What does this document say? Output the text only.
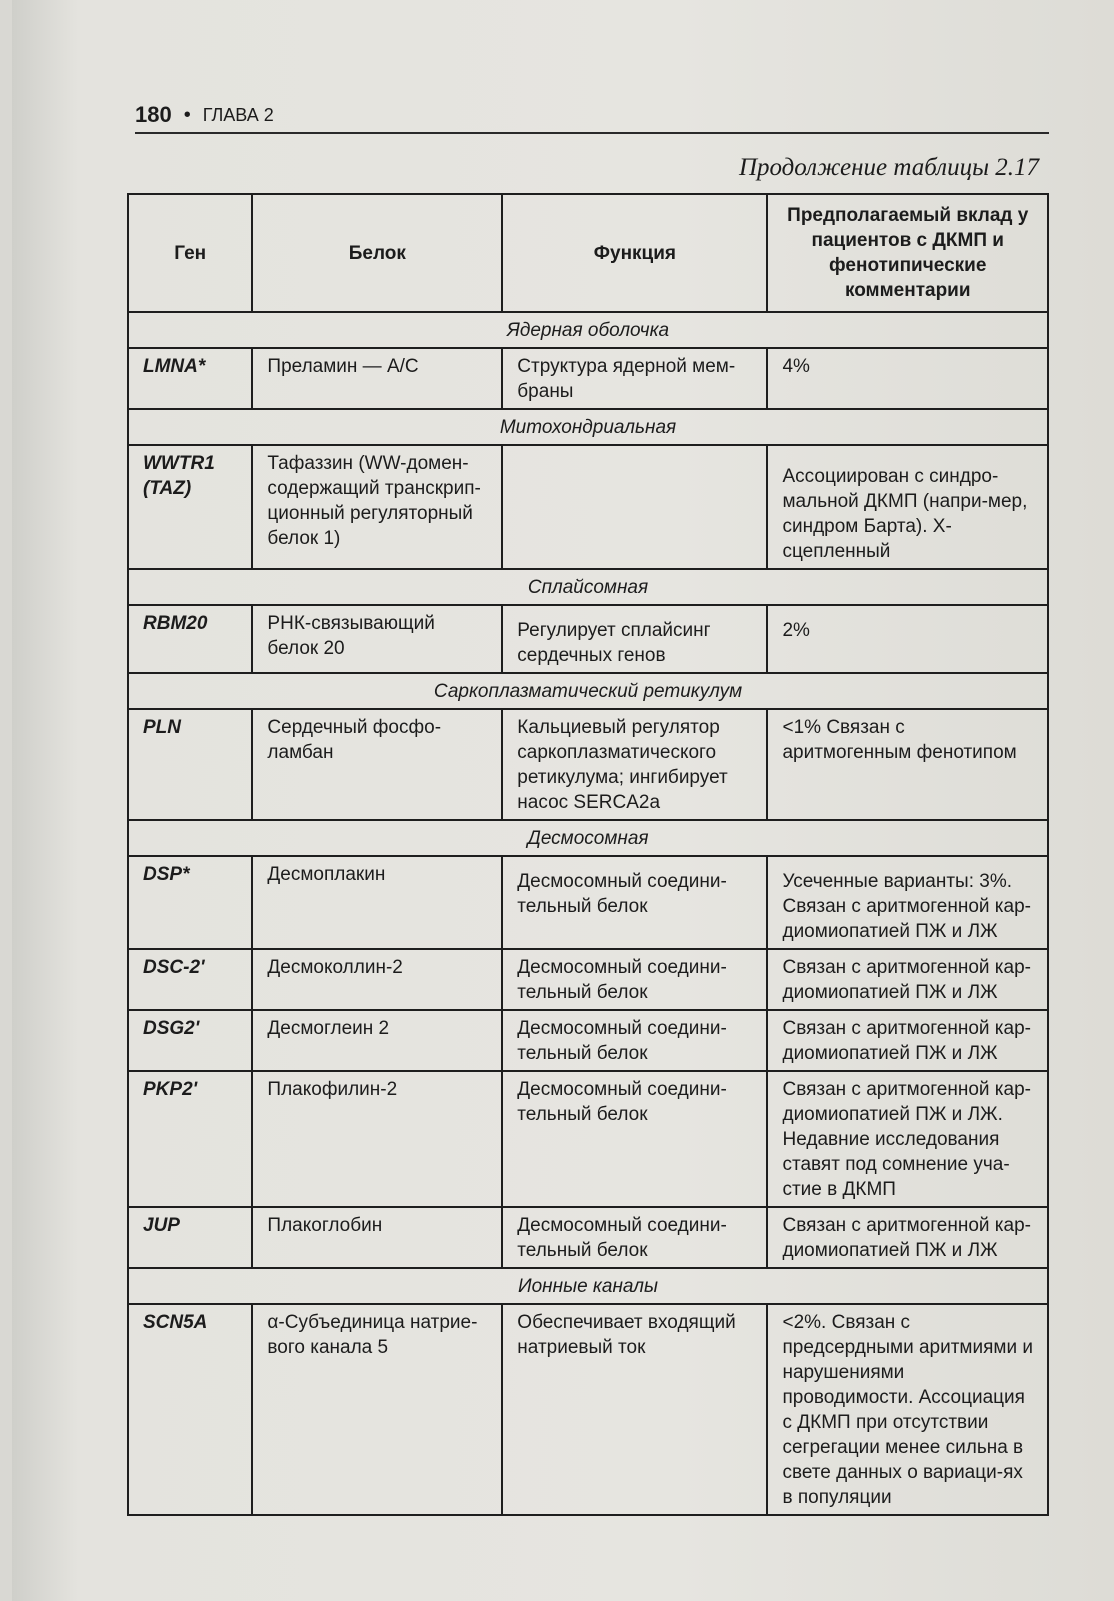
180 • ГЛАВА 2
Продолжение таблицы 2.17
Ген	Белок	Функция	Предполагаемый вклад у пациентов с ДКМП и фенотипические комментарии
Ядерная оболочка			
LMNA*	Преламин — A/C	Структура ядерной мем-браны	4%
Митохондриальная			
WWTR1 (TAZ)	Тафаззин (WW-домен-содержащий транскрип-ционный регуляторный белок 1)		Ассоциирован с синдро-мальной ДКМП (напри-мер, синдром Барта). Х-сцепленный
Сплайсомная			
RBM20	РНК-связывающий белок 20	Регулирует сплайсинг сердечных генов	2%
Саркоплазматический ретикулум			
PLN	Сердечный фосфо-ламбан	Кальциевый регулятор саркоплазматического ретикулума; ингибирует насос SERCA2a	<1% Связан с аритмогенным фенотипом
Десмосомная			
DSP*	Десмоплакин	Десмосомный соедини-тельный белок	Усеченные варианты: 3%. Связан с аритмогенной кар-диомиопатией ПЖ и ЛЖ
DSC-2ʹ	Десмоколлин-2	Десмосомный соедини-тельный белок	Связан с аритмогенной кар-диомиопатией ПЖ и ЛЖ
DSG2ʹ	Десмоглеин 2	Десмосомный соедини-тельный белок	Связан с аритмогенной кар-диомиопатией ПЖ и ЛЖ
PKP2ʹ	Плакофилин-2	Десмосомный соедини-тельный белок	Связан с аритмогенной кар-диомиопатией ПЖ и ЛЖ. Недавние исследования ставят под сомнение уча-стие в ДКМП
JUP	Плакоглобин	Десмосомный соедини-тельный белок	Связан с аритмогенной кар-диомиопатией ПЖ и ЛЖ
Ионные каналы			
SCN5A	α-Субъединица натрие-вого канала 5	Обеспечивает входящий натриевый ток	<2%. Связан с предсердными аритмиями и нарушениями проводимости. Ассоциация с ДКМП при отсутствии сегрегации менее сильна в свете данных о вариаци-ях в популяции
